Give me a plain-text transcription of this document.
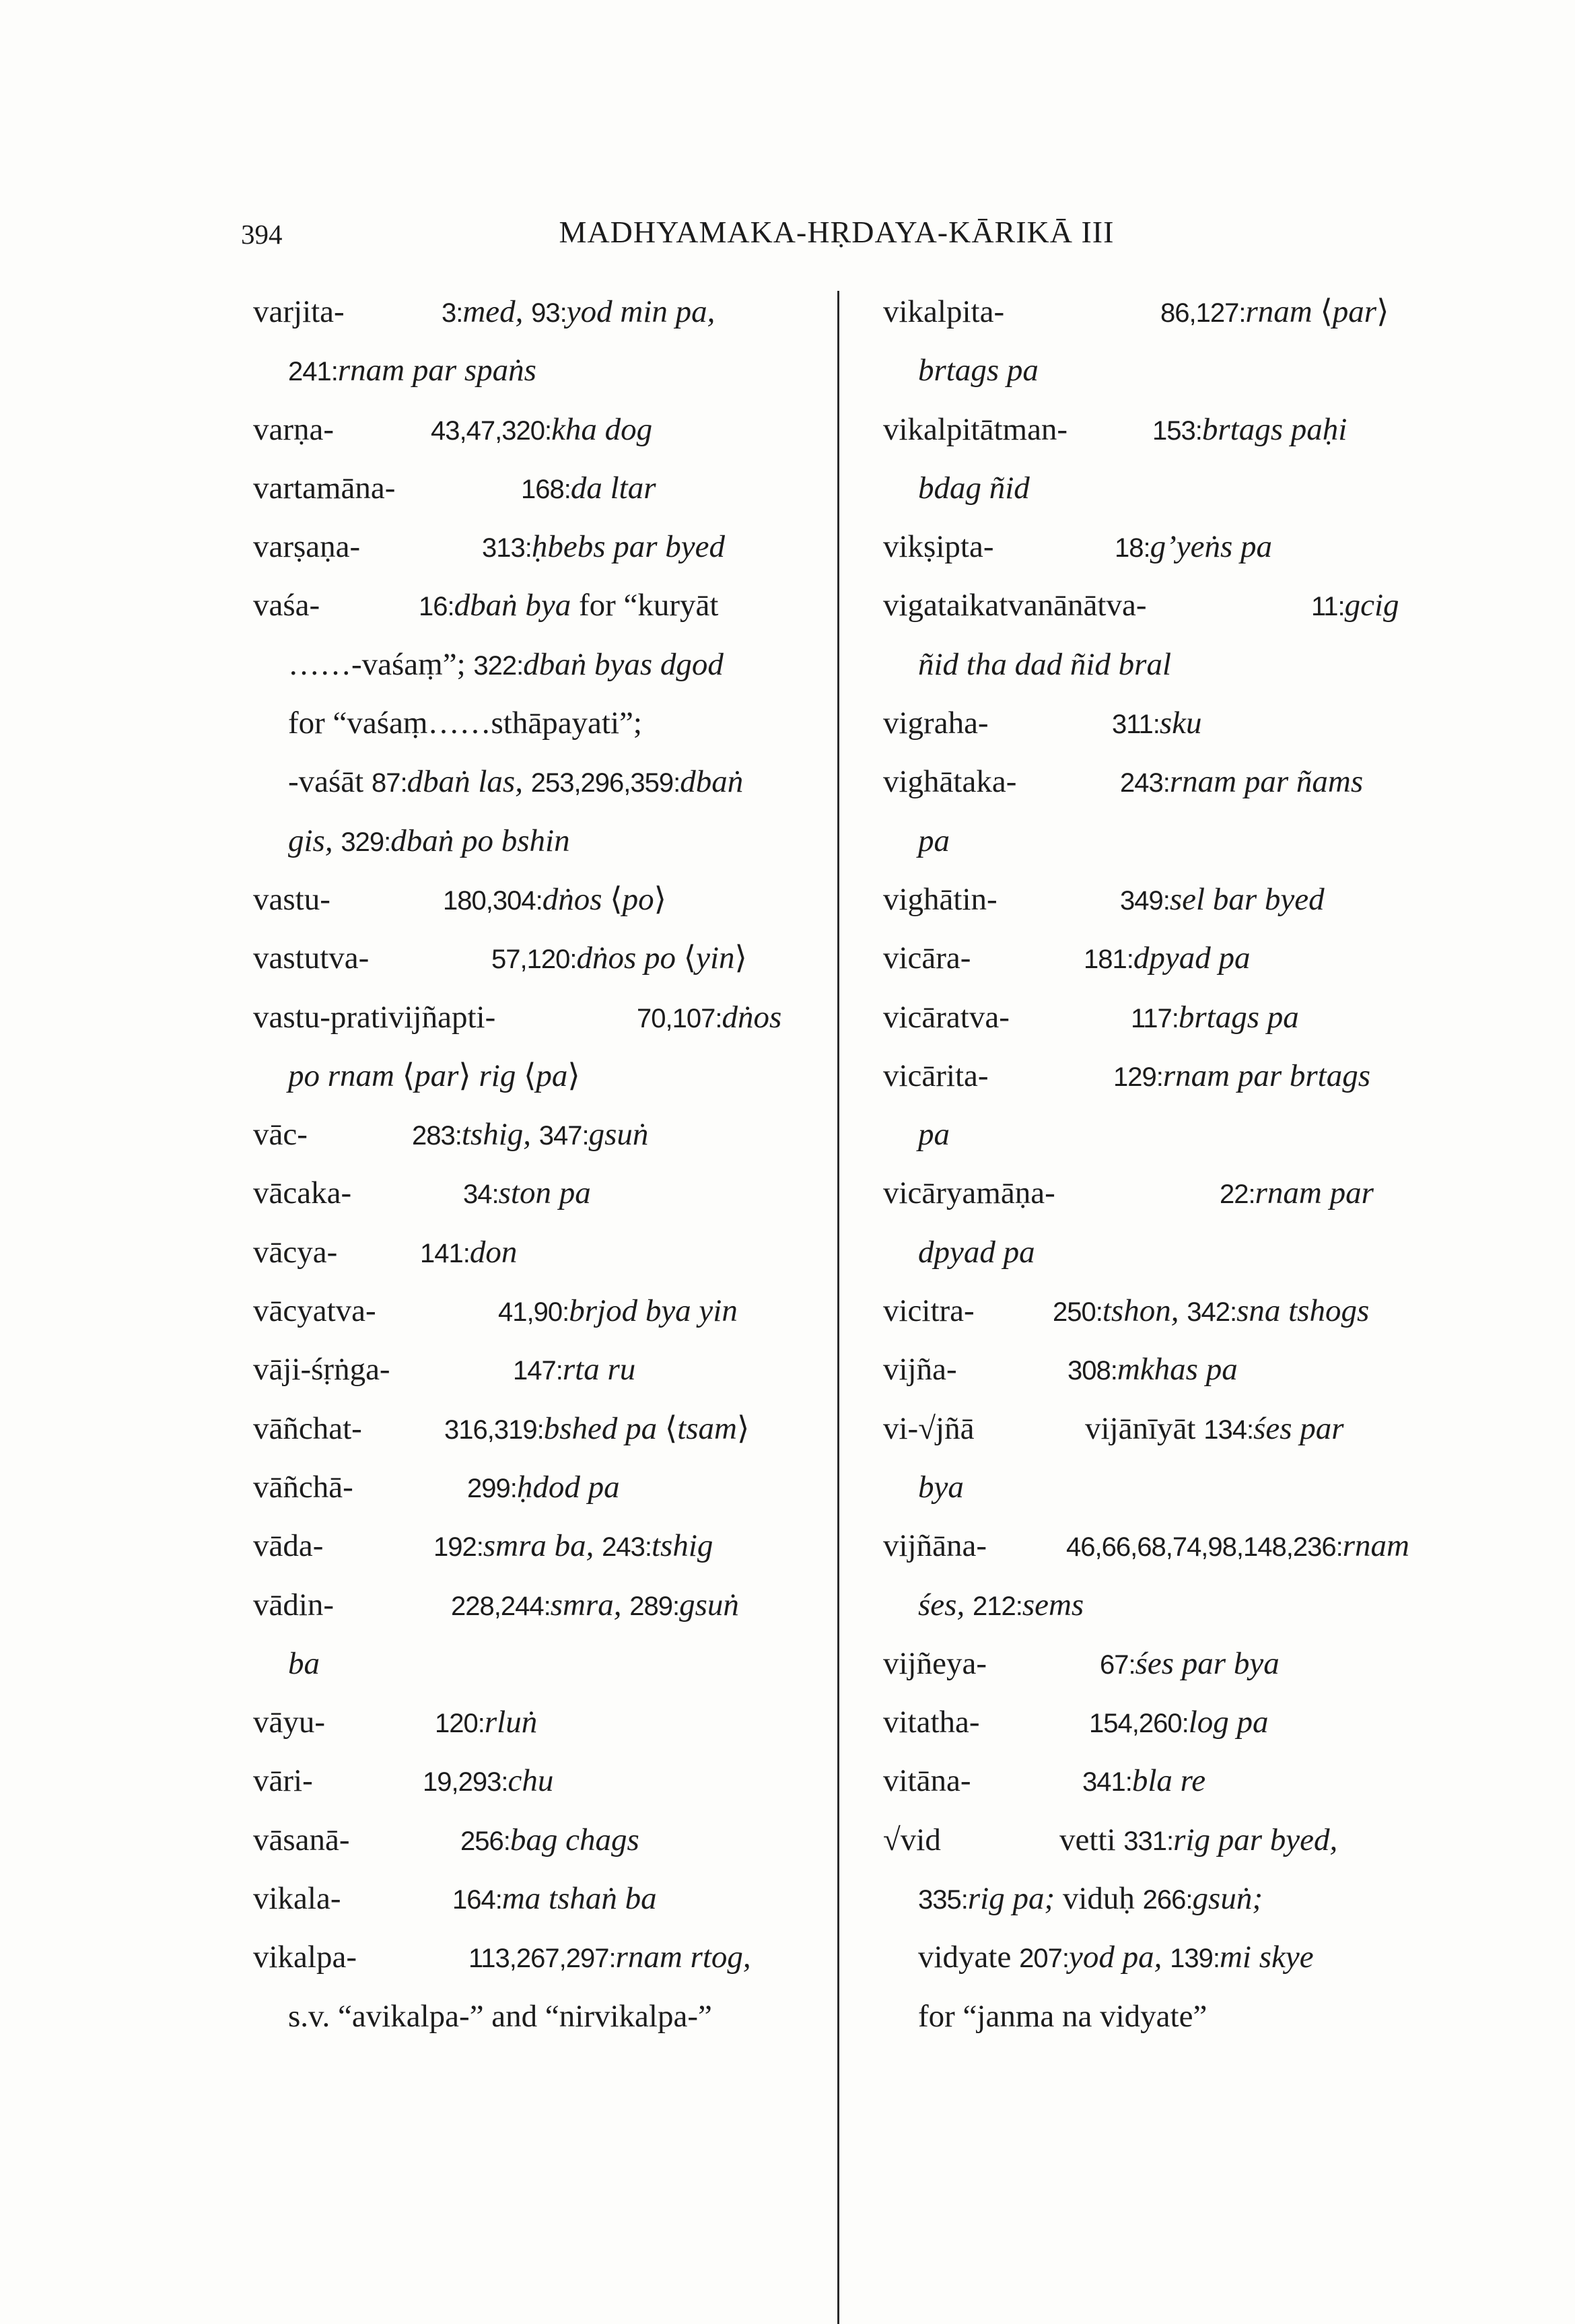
394	MADHYAMAKA-HṚDAYA-KĀRIKĀ III
varjita-	3:med, 93:yod min pa,
241:rnam par spaṅs
varṇa-	43,47,320:kha dog
vartamāna-	168:da ltar
varṣaṇa-	313:ḥbebs par byed
vaśa-	16:dbaṅ bya for “kuryāt
……-vaśaṃ”; 322:dbaṅ byas dgod
for “vaśaṃ……sthāpayati”;
-vaśāt 87:dbaṅ las, 253,296,359:dbaṅ
gis, 329:dbaṅ po bshin
vastu-	180,304:dṅos ⟨po⟩
vastutva-	57,120:dṅos po ⟨yin⟩
vastu-prativijñapti-	70,107:dṅos
po rnam ⟨par⟩ rig ⟨pa⟩
vāc-	283:tshig, 347:gsuṅ
vācaka-	34:ston pa
vācya-	141:don
vācyatva-	41,90:brjod bya yin
vāji-śṛṅga-	147:rta ru
vāñchat-	316,319:bshed pa ⟨tsam⟩
vāñchā-	299:ḥdod pa
vāda-	192:smra ba, 243:tshig
vādin-	228,244:smra, 289:gsuṅ
ba
vāyu-	120:rluṅ
vāri-	19,293:chu
vāsanā-	256:bag chags
vikala-	164:ma tshaṅ ba
vikalpa-	113,267,297:rnam rtog,
s.v. “avikalpa-” and “nirvikalpa-”
vikalpita-	86,127:rnam ⟨par⟩
brtags pa
vikalpitātman-	153:brtags paḥi
bdag ñid
vikṣipta-	18:g’yeṅs pa
vigataikatvanānātva-	11:gcig
ñid tha dad ñid bral
vigraha-	311:sku
vighātaka-	243:rnam par ñams
pa
vighātin-	349:sel bar byed
vicāra-	181:dpyad pa
vicāratva-	117:brtags pa
vicārita-	129:rnam par brtags
pa
vicāryamāṇa-	22:rnam par
dpyad pa
vicitra-	250:tshon, 342:sna tshogs
vijña-	308:mkhas pa
vi-√jñā	vijānīyāt 134:śes par
bya
vijñāna-	46,66,68,74,98,148,236:rnam
śes, 212:sems
vijñeya-	67:śes par bya
vitatha-	154,260:log pa
vitāna-	341:bla re
√vid	vetti 331:rig par byed,
335:rig pa; viduḥ 266:gsuṅ;
vidyate 207:yod pa, 139:mi skye
for “janma na vidyate”
